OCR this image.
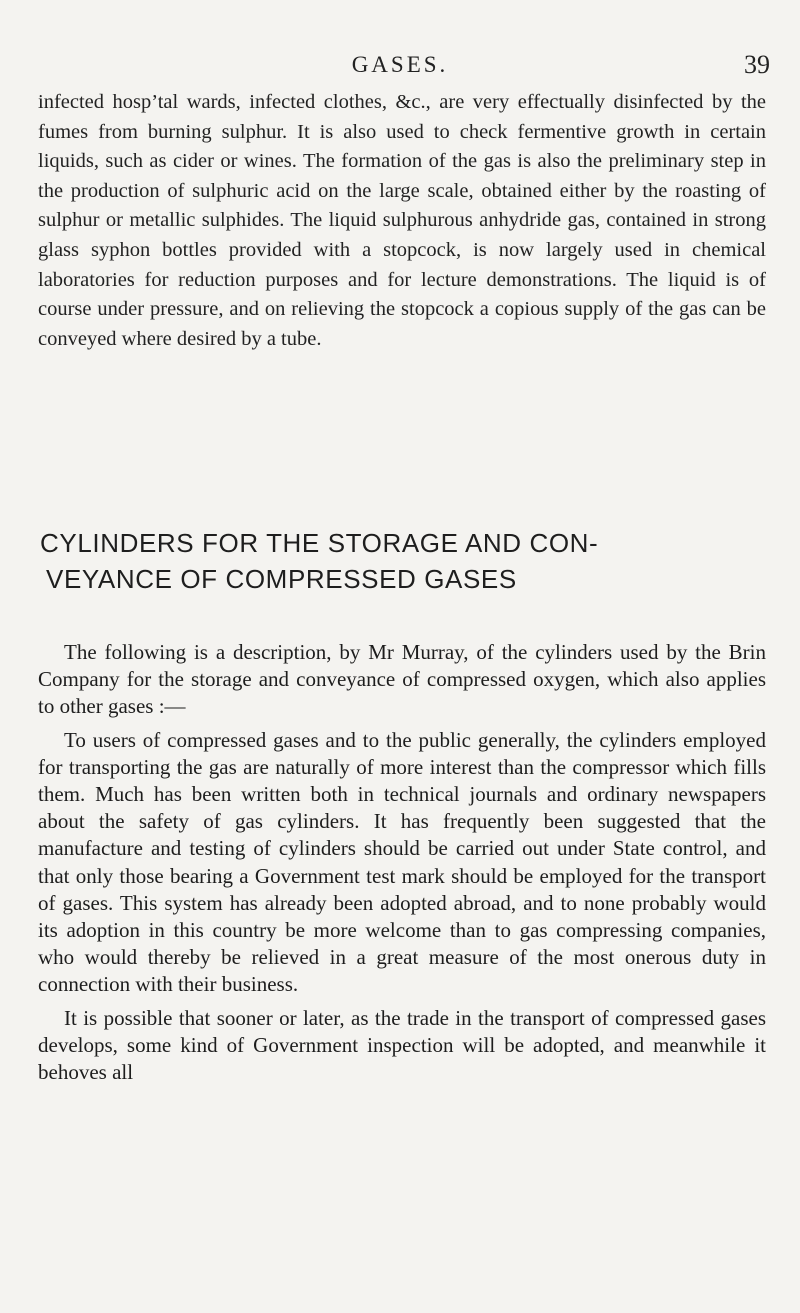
GASES.	39

infected hosp’tal wards, infected clothes, &c., are very effectually disinfected by the fumes from burning sulphur. It is also used to check fermentive growth in certain liquids, such as cider or wines. The formation of the gas is also the preliminary step in the production of sulphuric acid on the large scale, obtained either by the roasting of sulphur or metallic sulphides. The liquid sulphurous anhydride gas, contained in strong glass syphon bottles provided with a stopcock, is now largely used in chemical laboratories for reduction purposes and for lecture demonstrations. The liquid is of course under pressure, and on relieving the stopcock a copious supply of the gas can be conveyed where desired by a tube.

CYLINDERS FOR THE STORAGE AND CON-
VEYANCE OF COMPRESSED GASES

The following is a description, by Mr Murray, of the cylinders used by the Brin Company for the storage and conveyance of compressed oxygen, which also applies to other gases :—

To users of compressed gases and to the public generally, the cylinders employed for transporting the gas are naturally of more interest than the compressor which fills them. Much has been written both in technical journals and ordinary newspapers about the safety of gas cylinders. It has frequently been suggested that the manufacture and testing of cylinders should be carried out under State control, and that only those bearing a Government test mark should be employed for the transport of gases. This system has already been adopted abroad, and to none probably would its adoption in this country be more welcome than to gas compressing companies, who would thereby be relieved in a great measure of the most onerous duty in connection with their business.

It is possible that sooner or later, as the trade in the transport of compressed gases develops, some kind of Government inspection will be adopted, and meanwhile it behoves all
